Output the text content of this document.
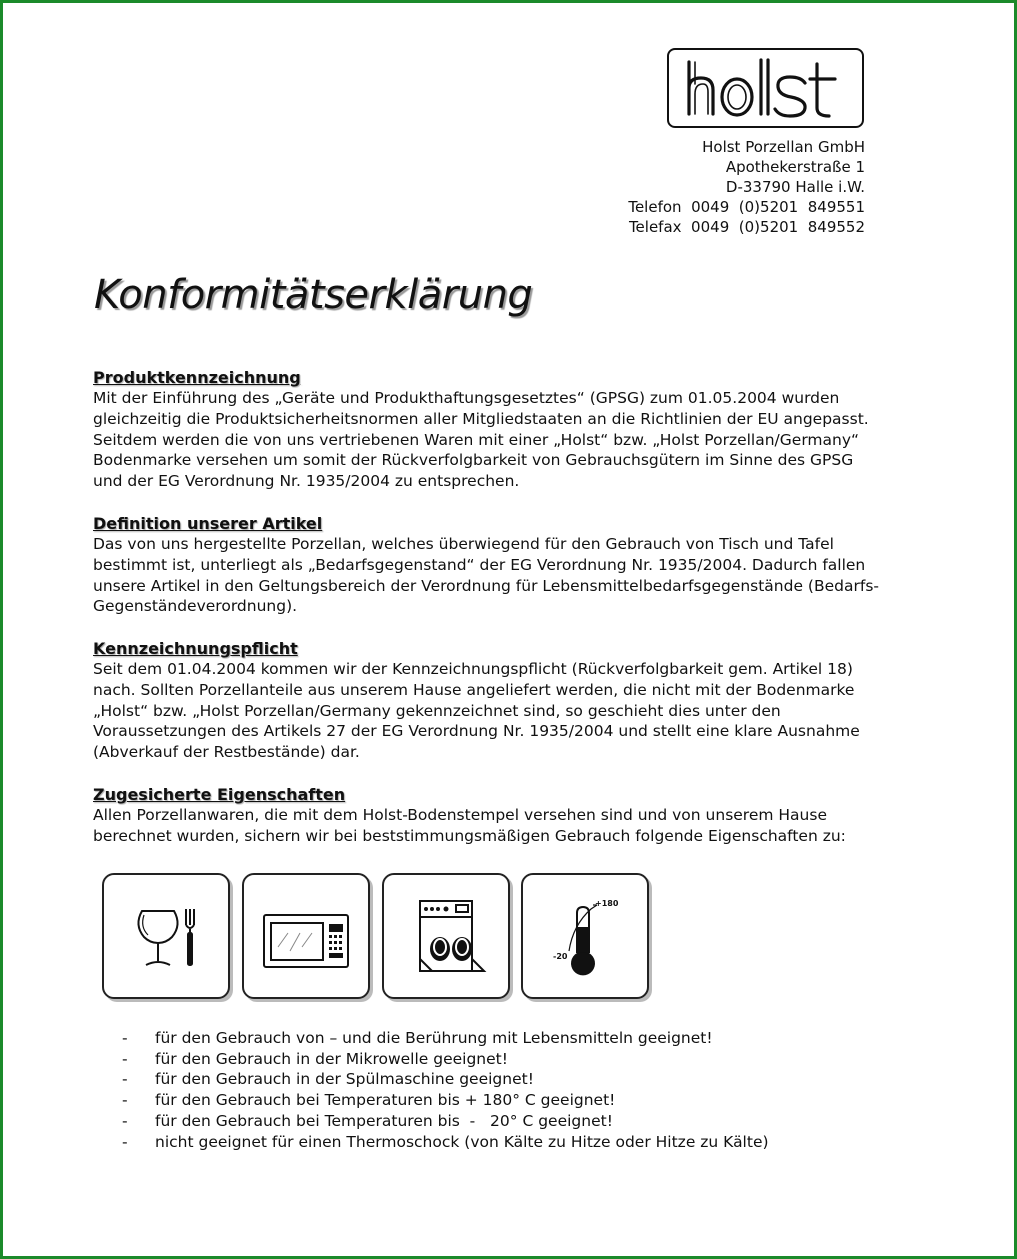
Holst Porzellan GmbH
Apothekerstraße 1
D-33790 Halle i.W.
Telefon  0049  (0)5201  849551
Telefax  0049  (0)5201  849552
Konformitätserklärung
Produktkennzeichnung

Mit der Einführung des „Geräte und Produkthaftungsgesetztes“ (GPSG) zum 01.05.2004 wurden

gleichzeitig die Produktsicherheitsnormen aller Mitgliedstaaten an die Richtlinien der EU angepasst.

Seitdem werden die von uns vertriebenen Waren mit einer „Holst“ bzw. „Holst Porzellan/Germany“

Bodenmarke versehen um somit der Rückverfolgbarkeit von Gebrauchsgütern im Sinne des GPSG

und der EG Verordnung Nr. 1935/2004 zu entsprechen.

Definition unserer Artikel

Das von uns hergestellte Porzellan, welches überwiegend für den Gebrauch von Tisch und Tafel

bestimmt ist, unterliegt als „Bedarfsgegenstand“ der EG Verordnung Nr. 1935/2004. Dadurch fallen

unsere Artikel in den Geltungsbereich der Verordnung für Lebensmittelbedarfsgegenstände (Bedarfs-

Gegenständeverordnung).

Kennzeichnungspflicht

Seit dem 01.04.2004 kommen wir der Kennzeichnungspflicht (Rückverfolgbarkeit gem. Artikel 18)

nach. Sollten Porzellanteile aus unserem Hause angeliefert werden, die nicht mit der Bodenmarke

„Holst“ bzw. „Holst Porzellan/Germany gekennzeichnet sind, so geschieht dies unter den

Voraussetzungen des Artikels 27 der EG Verordnung Nr. 1935/2004 und stellt eine klare Ausnahme

(Abverkauf der Restbestände) dar.

Zugesicherte Eigenschaften

Allen Porzellanwaren, die mit dem Holst-Bodenstempel versehen sind und von unserem Hause

berechnet wurden, sichern wir bei beststimmungsmäßigen Gebrauch folgende Eigenschaften zu:

+180
-20
-	für den Gebrauch von – und die Berührung mit Lebensmitteln geeignet!
-	für den Gebrauch in der Mikrowelle geeignet!
-	für den Gebrauch in der Spülmaschine geeignet!
-	für den Gebrauch bei Temperaturen bis + 180° C geeignet!
-	für den Gebrauch bei Temperaturen bis  -   20° C geeignet!
-	nicht geeignet für einen Thermoschock (von Kälte zu Hitze oder Hitze zu Kälte)
